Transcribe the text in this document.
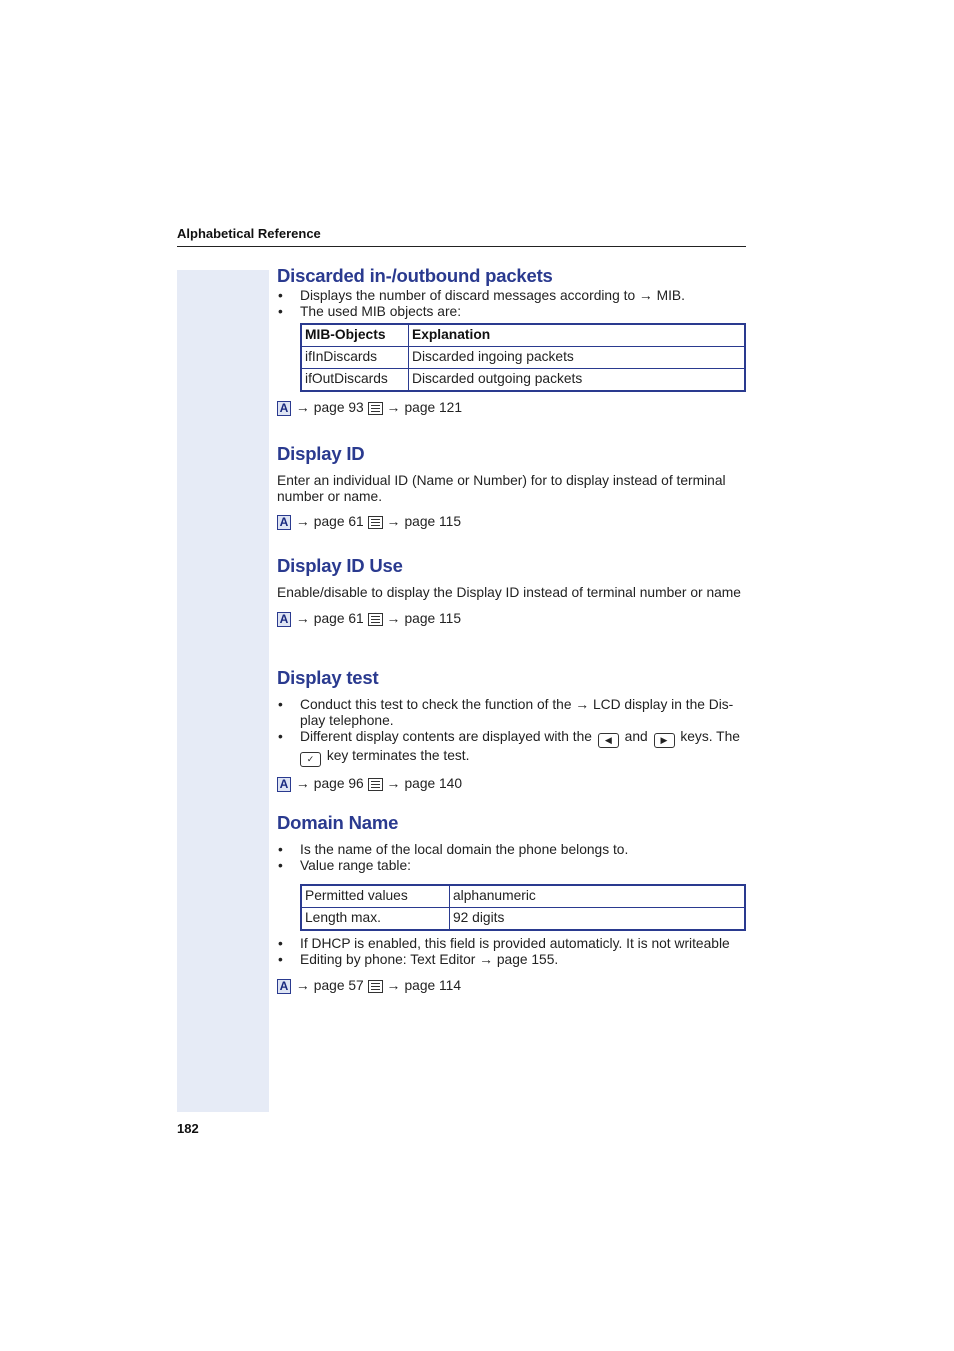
Alphabetical Reference
182
Discarded in-/outbound packets
• Displays the number of discard messages according to → MIB.
• The used MIB objects are:
MIB-Objects	Explanation
ifInDiscards	Discarded ingoing packets
ifOutDiscards	Discarded outgoing packets
A → page 93 → page 121
Display ID

Enter an individual ID (Name or Number) for to display instead of terminal number or name.

A → page 61 → page 115
Display ID Use

Enable/disable to display the Display ID instead of terminal number or name

A → page 61 → page 115
Display test
• Conduct this test to check the function of the → LCD display in the Dis-play telephone.
• Different display contents are displayed with the ◀ and ▶ keys. The
✓ key terminates the test.
A → page 96 → page 140
Domain Name
• Is the name of the local domain the phone belongs to.
• Value range table:
Permitted values	alphanumeric
Length max.	92 digits
• If DHCP is enabled, this field is provided automaticly. It is not writeable
• Editing by phone: Text Editor → page 155.
A → page 57 → page 114
